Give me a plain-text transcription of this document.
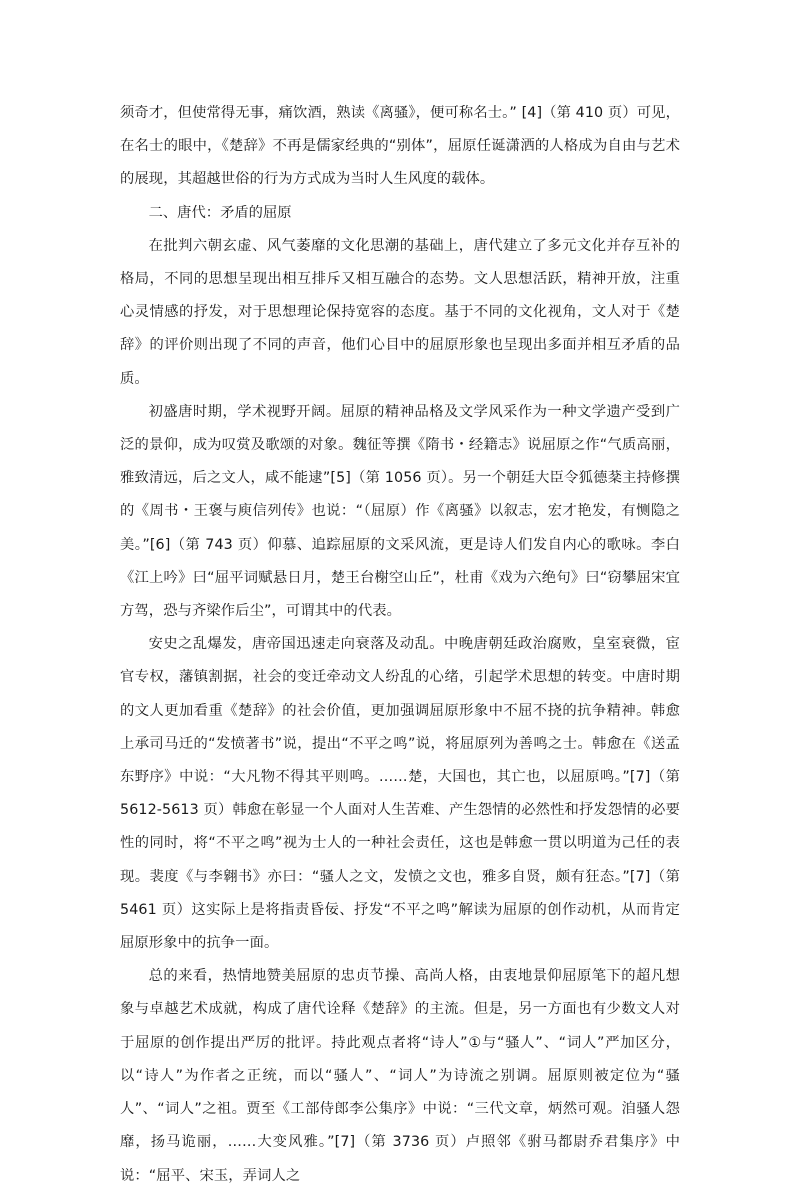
须奇才，但使常得无事，痛饮酒，熟读《离骚》，便可称名士。” [4]（第 410 页）可见，在名士的眼中，《楚辞》不再是儒家经典的“别体”，屈原任诞潇洒的人格成为自由与艺术的展现，其超越世俗的行为方式成为当时人生风度的载体。

二、唐代：矛盾的屈原

在批判六朝玄虚、风气萎靡的文化思潮的基础上，唐代建立了多元文化并存互补的格局，不同的思想呈现出相互排斥又相互融合的态势。文人思想活跃，精神开放，注重心灵情感的抒发，对于思想理论保持宽容的态度。基于不同的文化视角，文人对于《楚辞》的评价则出现了不同的声音，他们心目中的屈原形象也呈现出多面并相互矛盾的品质。

初盛唐时期，学术视野开阔。屈原的精神品格及文学风采作为一种文学遗产受到广泛的景仰，成为叹赏及歌颂的对象。魏征等撰《隋书・经籍志》说屈原之作“气质高丽，雅致清远，后之文人，咸不能逮”[5]（第 1056 页）。另一个朝廷大臣令狐德棻主持修撰的《周书・王褒与庾信列传》也说：“（屈原）作《离骚》以叙志，宏才艳发，有恻隐之美。”[6]（第 743 页）仰慕、追踪屈原的文采风流，更是诗人们发自内心的歌咏。李白《江上吟》曰“屈平词赋悬日月，楚王台榭空山丘”，杜甫《戏为六绝句》曰“窃攀屈宋宜方驾，恐与齐梁作后尘”，可谓其中的代表。

安史之乱爆发，唐帝国迅速走向衰落及动乱。中晚唐朝廷政治腐败，皇室衰微，宦官专权，藩镇割据，社会的变迁牵动文人纷乱的心绪，引起学术思想的转变。中唐时期的文人更加看重《楚辞》的社会价值，更加强调屈原形象中不屈不挠的抗争精神。韩愈上承司马迁的“发愤著书”说，提出“不平之鸣”说，将屈原列为善鸣之士。韩愈在《送孟东野序》中说：“大凡物不得其平则鸣。……楚，大国也，其亡也，以屈原鸣。”[7]（第 5612-5613 页）韩愈在彰显一个人面对人生苦难、产生怨情的必然性和抒发怨情的必要性的同时，将“不平之鸣”视为士人的一种社会责任，这也是韩愈一贯以明道为己任的表现。裴度《与李翱书》亦曰：“骚人之文，发愤之文也，雅多自贤，颇有狂态。”[7]（第 5461 页）这实际上是将指责昏佞、抒发“不平之鸣”解读为屈原的创作动机，从而肯定屈原形象中的抗争一面。

总的来看，热情地赞美屈原的忠贞节操、高尚人格，由衷地景仰屈原笔下的超凡想象与卓越艺术成就，构成了唐代诠释《楚辞》的主流。但是，另一方面也有少数文人对于屈原的创作提出严厉的批评。持此观点者将“诗人”①与“骚人”、“词人”严加区分，以“诗人”为作者之正统，而以“骚人”、“词人”为诗流之别调。屈原则被定位为“骚人”、“词人”之祖。贾至《工部侍郎李公集序》中说：“三代文章，炳然可观。洎骚人怨靡，扬马诡丽，……大变风雅。”[7]（第 3736 页）卢照邻《驸马都尉乔君集序》中说：“屈平、宋玉，弄词人之
